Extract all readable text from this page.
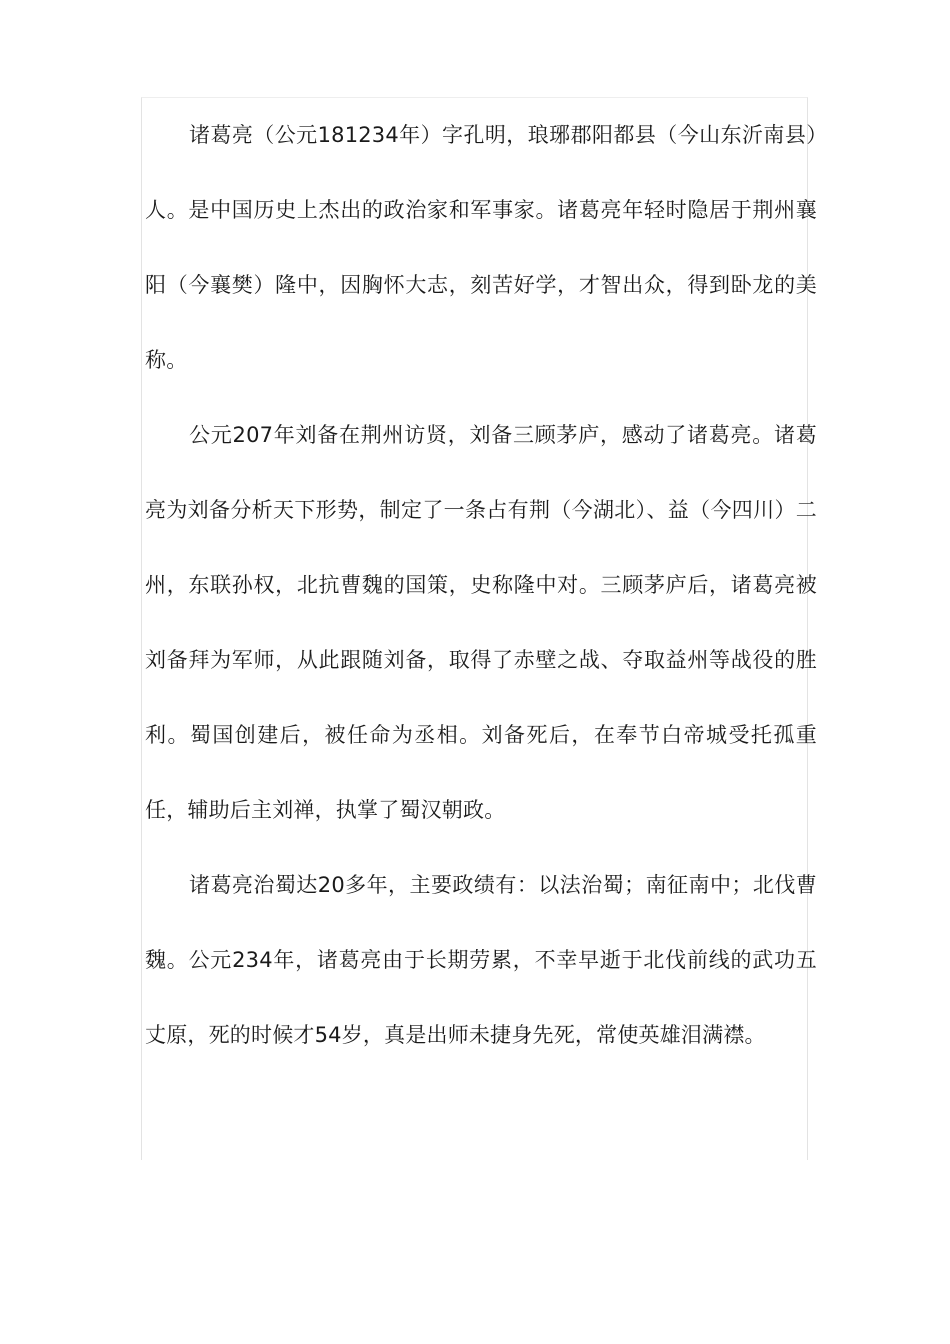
诸葛亮（公元181234年）字孔明，琅琊郡阳都县（今山东沂南县）人。是中国历史上杰出的政治家和军事家。诸葛亮年轻时隐居于荆州襄阳（今襄樊）隆中，因胸怀大志，刻苦好学，才智出众，得到卧龙的美称。

公元207年刘备在荆州访贤，刘备三顾茅庐，感动了诸葛亮。诸葛亮为刘备分析天下形势，制定了一条占有荆（今湖北）、益（今四川）二州，东联孙权，北抗曹魏的国策，史称隆中对。三顾茅庐后，诸葛亮被刘备拜为军师，从此跟随刘备，取得了赤壁之战、夺取益州等战役的胜利。蜀国创建后，被任命为丞相。刘备死后，在奉节白帝城受托孤重任，辅助后主刘禅，执掌了蜀汉朝政。

诸葛亮治蜀达20多年，主要政绩有：以法治蜀；南征南中；北伐曹魏。公元234年，诸葛亮由于长期劳累，不幸早逝于北伐前线的武功五丈原，死的时候才54岁，真是出师未捷身先死，常使英雄泪满襟。
